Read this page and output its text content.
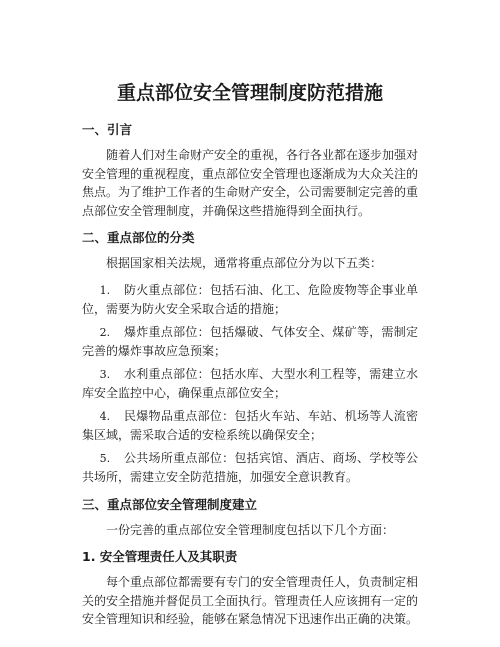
重点部位安全管理制度防范措施
一、引言
随着人们对生命财产安全的重视，各行各业都在逐步加强对安全管理的重视程度，重点部位安全管理也逐渐成为大众关注的焦点。为了维护工作者的生命财产安全，公司需要制定完善的重点部位安全管理制度，并确保这些措施得到全面执行。
二、重点部位的分类
根据国家相关法规，通常将重点部位分为以下五类：
1. 防火重点部位：包括石油、化工、危险废物等企事业单位，需要为防火安全采取合适的措施；
2. 爆炸重点部位：包括爆破、气体安全、煤矿等，需制定完善的爆炸事故应急预案；
3. 水利重点部位：包括水库、大型水利工程等，需建立水库安全监控中心，确保重点部位安全；
4. 民爆物品重点部位：包括火车站、车站、机场等人流密集区域，需采取合适的安检系统以确保安全；
5. 公共场所重点部位：包括宾馆、酒店、商场、学校等公共场所，需建立安全防范措施，加强安全意识教育。
三、重点部位安全管理制度建立
一份完善的重点部位安全管理制度包括以下几个方面：
1. 安全管理责任人及其职责
每个重点部位都需要有专门的安全管理责任人，负责制定相关的安全措施并督促员工全面执行。管理责任人应该拥有一定的安全管理知识和经验，能够在紧急情况下迅速作出正确的决策。
